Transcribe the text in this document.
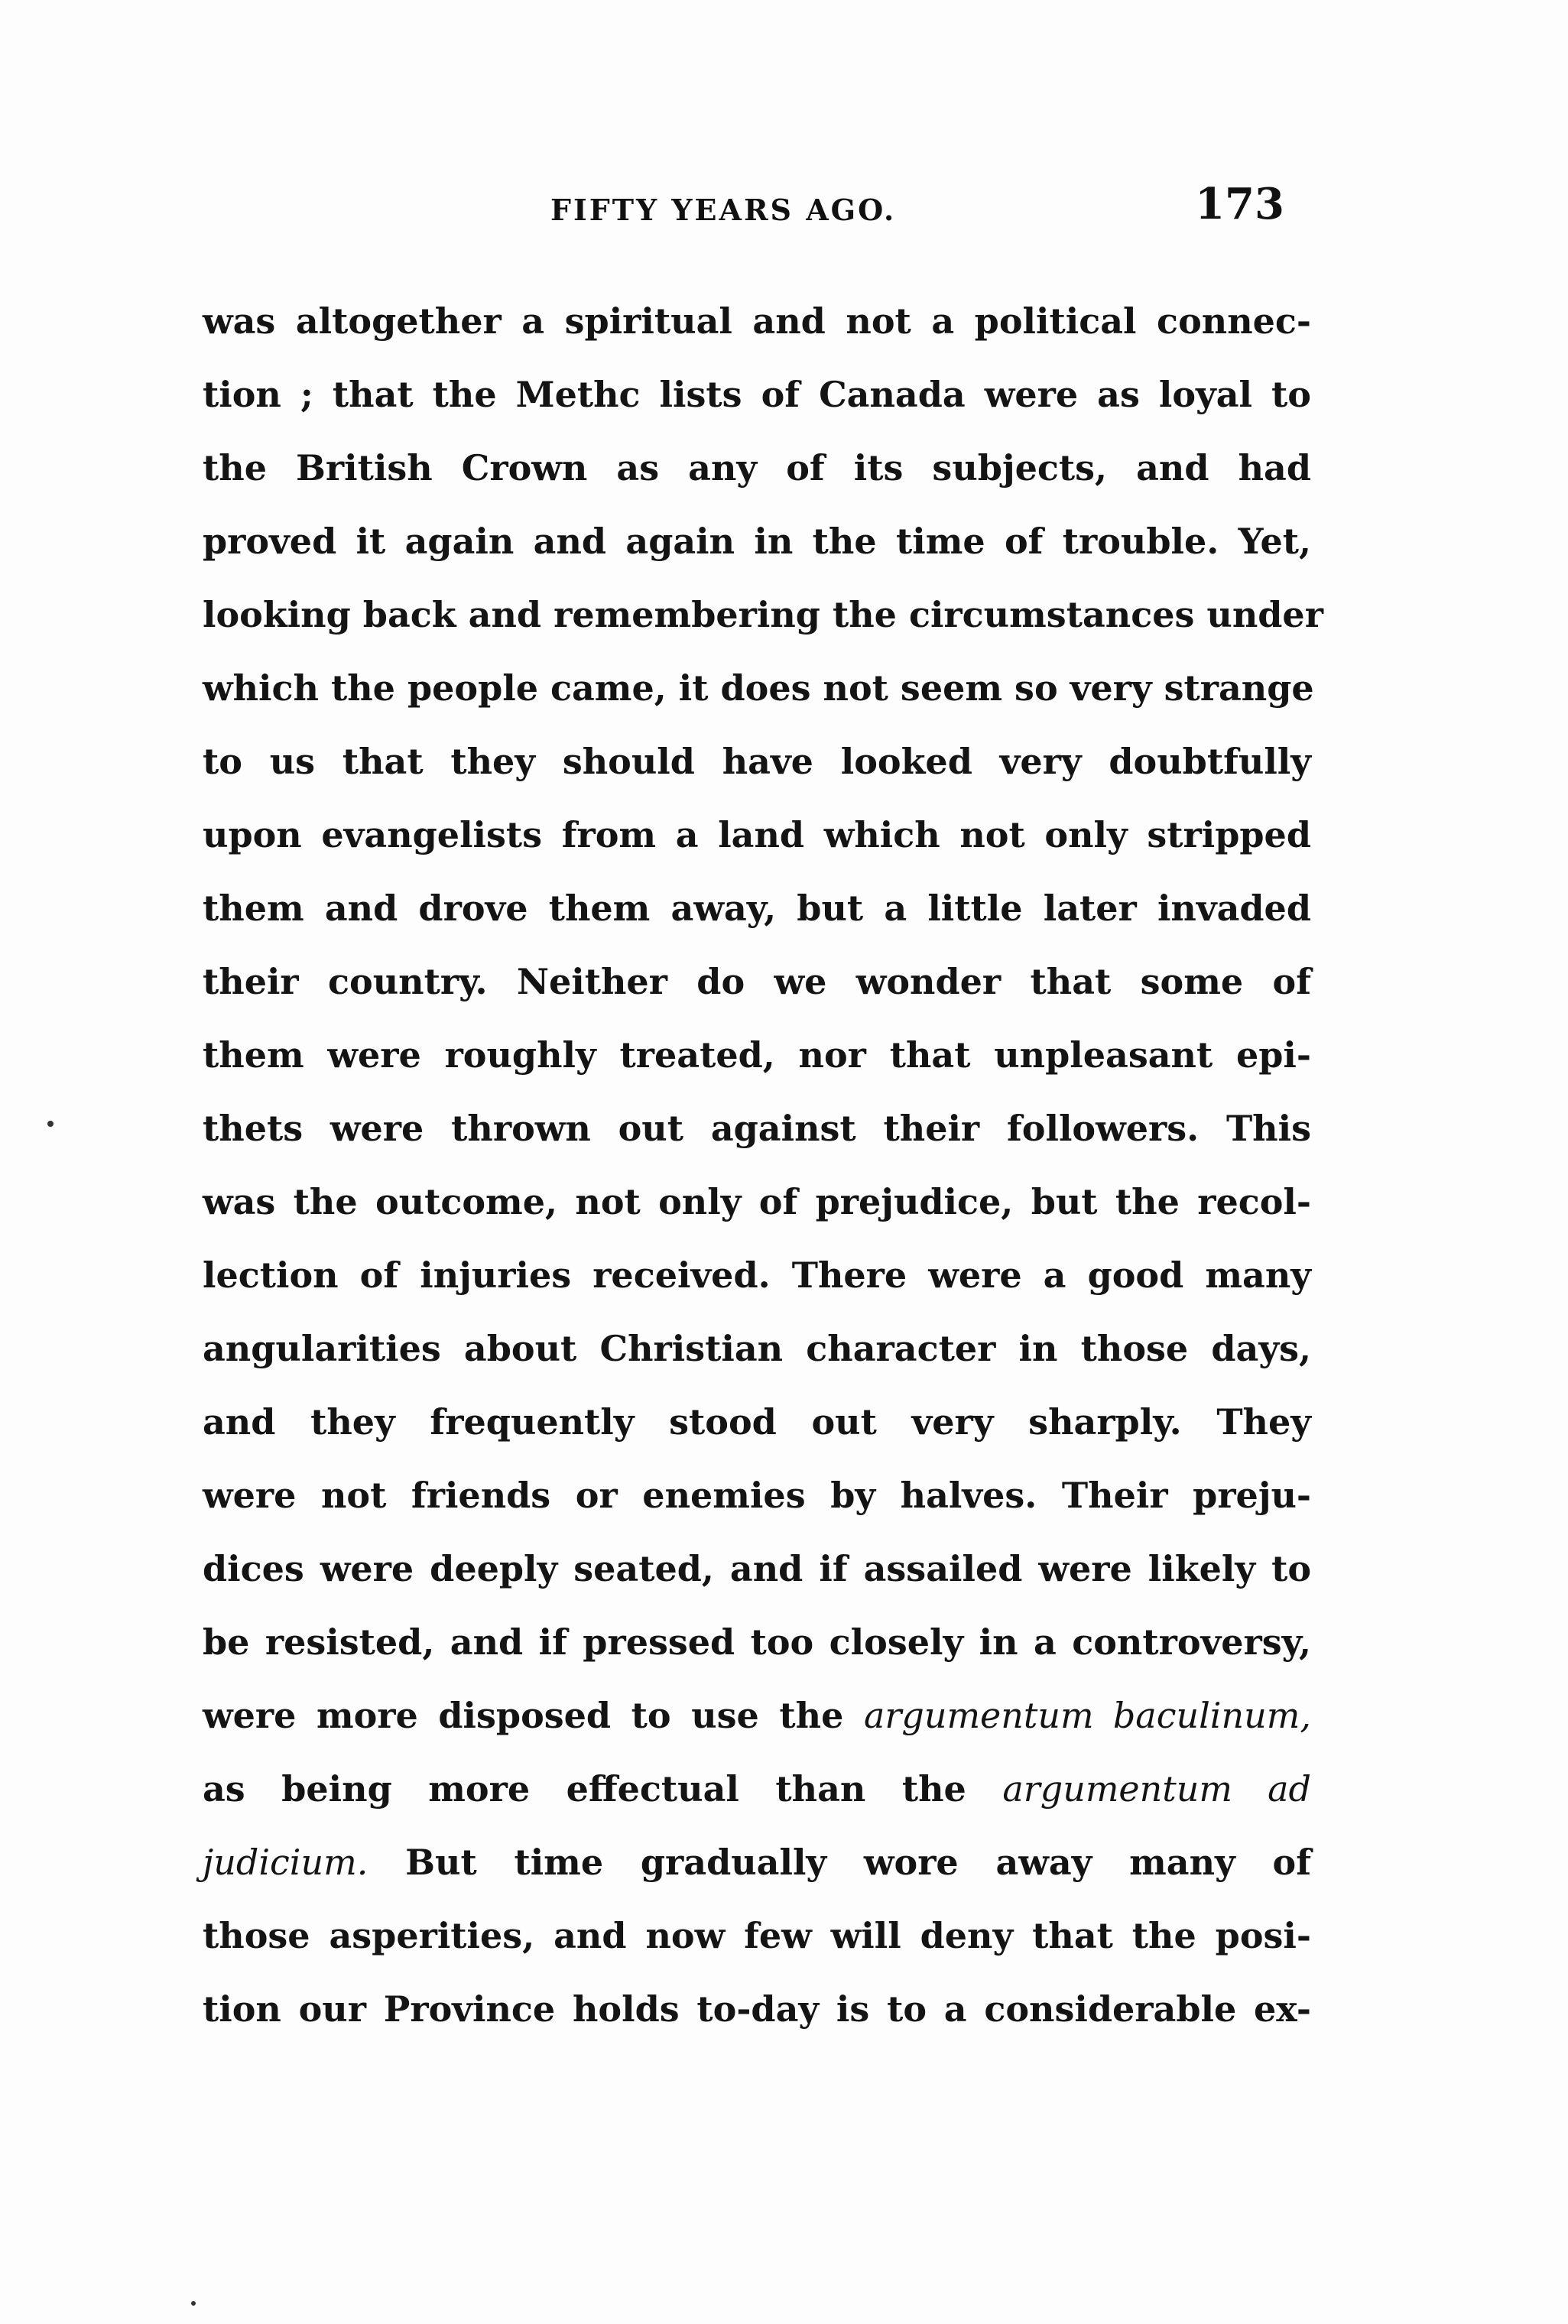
FIFTY YEARS AGO.	173
was altogether a spiritual and not a political connec-
tion ; that the Methc lists of Canada were as loyal to
the British Crown as any of its subjects, and had
proved it again and again in the time of trouble. Yet,
looking back and remembering the circumstances under
which the people came, it does not seem so very strange
to us that they should have looked very doubtfully
upon evangelists from a land which not only stripped
them and drove them away, but a little later invaded
their country. Neither do we wonder that some of
them were roughly treated, nor that unpleasant epi-
thets were thrown out against their followers. This
was the outcome, not only of prejudice, but the recol-
lection of injuries received. There were a good many
angularities about Christian character in those days,
and they frequently stood out very sharply. They
were not friends or enemies by halves. Their preju-
dices were deeply seated, and if assailed were likely to
be resisted, and if pressed too closely in a controversy,
were more disposed to use the argumentum baculinum,
as being more effectual than the argumentum ad
judicium. But time gradually wore away many of
those asperities, and now few will deny that the posi-
tion our Province holds to-day is to a considerable ex-
